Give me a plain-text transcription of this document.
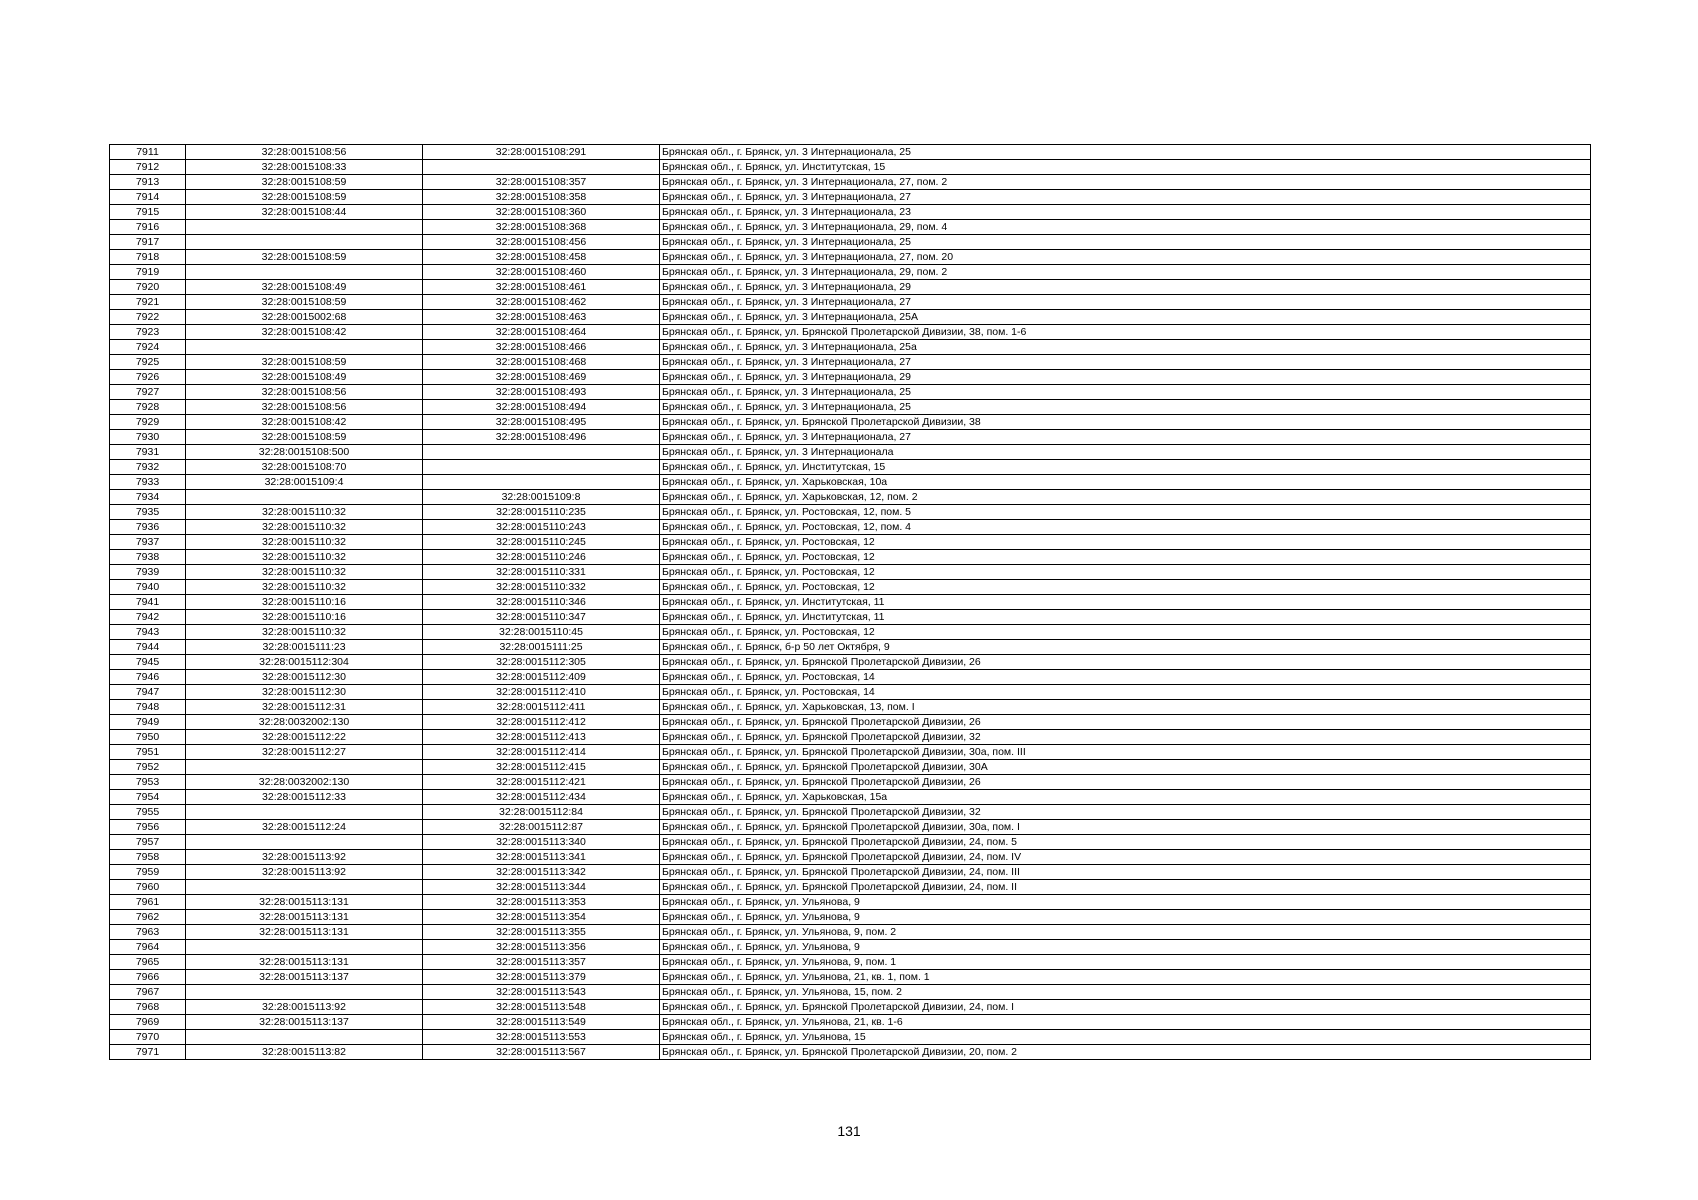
7911	32:28:0015108:56	32:28:0015108:291	Брянская обл., г. Брянск, ул. 3 Интернационала, 25
7912	32:28:0015108:33		Брянская обл., г. Брянск, ул. Институтская, 15
7913	32:28:0015108:59	32:28:0015108:357	Брянская обл., г. Брянск, ул. 3 Интернационала, 27, пом. 2
7914	32:28:0015108:59	32:28:0015108:358	Брянская обл., г. Брянск, ул. 3 Интернационала, 27
7915	32:28:0015108:44	32:28:0015108:360	Брянская обл., г. Брянск, ул. 3 Интернационала, 23
7916		32:28:0015108:368	Брянская обл., г. Брянск, ул. 3 Интернационала, 29, пом. 4
7917		32:28:0015108:456	Брянская обл., г. Брянск, ул. 3 Интернационала, 25
7918	32:28:0015108:59	32:28:0015108:458	Брянская обл., г. Брянск, ул. 3 Интернационала, 27, пом. 20
7919		32:28:0015108:460	Брянская обл., г. Брянск, ул. 3 Интернационала, 29, пом. 2
7920	32:28:0015108:49	32:28:0015108:461	Брянская обл., г. Брянск, ул. 3 Интернационала, 29
7921	32:28:0015108:59	32:28:0015108:462	Брянская обл., г. Брянск, ул. 3 Интернационала, 27
7922	32:28:0015002:68	32:28:0015108:463	Брянская обл., г. Брянск, ул. 3 Интернационала, 25А
7923	32:28:0015108:42	32:28:0015108:464	Брянская обл., г. Брянск, ул. Брянской Пролетарской Дивизии, 38, пом. 1-6
7924		32:28:0015108:466	Брянская обл., г. Брянск, ул. 3 Интернационала, 25а
7925	32:28:0015108:59	32:28:0015108:468	Брянская обл., г. Брянск, ул. 3 Интернационала, 27
7926	32:28:0015108:49	32:28:0015108:469	Брянская обл., г. Брянск, ул. 3 Интернационала, 29
7927	32:28:0015108:56	32:28:0015108:493	Брянская обл., г. Брянск, ул. 3 Интернационала, 25
7928	32:28:0015108:56	32:28:0015108:494	Брянская обл., г. Брянск, ул. 3 Интернационала, 25
7929	32:28:0015108:42	32:28:0015108:495	Брянская обл., г. Брянск, ул. Брянской Пролетарской Дивизии, 38
7930	32:28:0015108:59	32:28:0015108:496	Брянская обл., г. Брянск, ул. 3 Интернационала, 27
7931	32:28:0015108:500		Брянская обл., г. Брянск, ул. 3 Интернационала
7932	32:28:0015108:70		Брянская обл., г. Брянск, ул. Институтская, 15
7933	32:28:0015109:4		Брянская обл., г. Брянск, ул. Харьковская, 10а
7934		32:28:0015109:8	Брянская обл., г. Брянск, ул. Харьковская, 12, пом. 2
7935	32:28:0015110:32	32:28:0015110:235	Брянская обл., г. Брянск, ул. Ростовская, 12, пом. 5
7936	32:28:0015110:32	32:28:0015110:243	Брянская обл., г. Брянск, ул. Ростовская, 12, пом. 4
7937	32:28:0015110:32	32:28:0015110:245	Брянская обл., г. Брянск, ул. Ростовская, 12
7938	32:28:0015110:32	32:28:0015110:246	Брянская обл., г. Брянск, ул. Ростовская, 12
7939	32:28:0015110:32	32:28:0015110:331	Брянская обл., г. Брянск, ул. Ростовская, 12
7940	32:28:0015110:32	32:28:0015110:332	Брянская обл., г. Брянск, ул. Ростовская, 12
7941	32:28:0015110:16	32:28:0015110:346	Брянская обл., г. Брянск, ул. Институтская, 11
7942	32:28:0015110:16	32:28:0015110:347	Брянская обл., г. Брянск, ул. Институтская, 11
7943	32:28:0015110:32	32:28:0015110:45	Брянская обл., г. Брянск, ул. Ростовская, 12
7944	32:28:0015111:23	32:28:0015111:25	Брянская обл., г. Брянск, б-р 50 лет Октября, 9
7945	32:28:0015112:304	32:28:0015112:305	Брянская обл., г. Брянск, ул. Брянской Пролетарской Дивизии, 26
7946	32:28:0015112:30	32:28:0015112:409	Брянская обл., г. Брянск, ул. Ростовская, 14
7947	32:28:0015112:30	32:28:0015112:410	Брянская обл., г. Брянск, ул. Ростовская, 14
7948	32:28:0015112:31	32:28:0015112:411	Брянская обл., г. Брянск, ул. Харьковская, 13, пом. I
7949	32:28:0032002:130	32:28:0015112:412	Брянская обл., г. Брянск, ул. Брянской Пролетарской Дивизии, 26
7950	32:28:0015112:22	32:28:0015112:413	Брянская обл., г. Брянск, ул. Брянской Пролетарской Дивизии, 32
7951	32:28:0015112:27	32:28:0015112:414	Брянская обл., г. Брянск, ул. Брянской Пролетарской Дивизии, 30а, пом. III
7952		32:28:0015112:415	Брянская обл., г. Брянск, ул. Брянской Пролетарской Дивизии, 30А
7953	32:28:0032002:130	32:28:0015112:421	Брянская обл., г. Брянск, ул. Брянской Пролетарской Дивизии, 26
7954	32:28:0015112:33	32:28:0015112:434	Брянская обл., г. Брянск, ул. Харьковская, 15а
7955		32:28:0015112:84	Брянская обл., г. Брянск, ул. Брянской Пролетарской Дивизии, 32
7956	32:28:0015112:24	32:28:0015112:87	Брянская обл., г. Брянск, ул. Брянской Пролетарской Дивизии, 30а, пом. I
7957		32:28:0015113:340	Брянская обл., г. Брянск, ул. Брянской Пролетарской Дивизии, 24, пом. 5
7958	32:28:0015113:92	32:28:0015113:341	Брянская обл., г. Брянск, ул. Брянской Пролетарской Дивизии, 24, пом. IV
7959	32:28:0015113:92	32:28:0015113:342	Брянская обл., г. Брянск, ул. Брянской Пролетарской Дивизии, 24, пом. III
7960		32:28:0015113:344	Брянская обл., г. Брянск, ул. Брянской Пролетарской Дивизии, 24, пом. II
7961	32:28:0015113:131	32:28:0015113:353	Брянская обл., г. Брянск, ул. Ульянова, 9
7962	32:28:0015113:131	32:28:0015113:354	Брянская обл., г. Брянск, ул. Ульянова, 9
7963	32:28:0015113:131	32:28:0015113:355	Брянская обл., г. Брянск, ул. Ульянова, 9, пом. 2
7964		32:28:0015113:356	Брянская обл., г. Брянск, ул. Ульянова, 9
7965	32:28:0015113:131	32:28:0015113:357	Брянская обл., г. Брянск, ул. Ульянова, 9, пом. 1
7966	32:28:0015113:137	32:28:0015113:379	Брянская обл., г. Брянск, ул. Ульянова, 21, кв. 1, пом. 1
7967		32:28:0015113:543	Брянская обл., г. Брянск, ул. Ульянова, 15, пом. 2
7968	32:28:0015113:92	32:28:0015113:548	Брянская обл., г. Брянск, ул. Брянской Пролетарской Дивизии, 24, пом. I
7969	32:28:0015113:137	32:28:0015113:549	Брянская обл., г. Брянск, ул. Ульянова, 21, кв. 1-6
7970		32:28:0015113:553	Брянская обл., г. Брянск, ул. Ульянова, 15
7971	32:28:0015113:82	32:28:0015113:567	Брянская обл., г. Брянск, ул. Брянской Пролетарской Дивизии, 20, пом. 2
131
